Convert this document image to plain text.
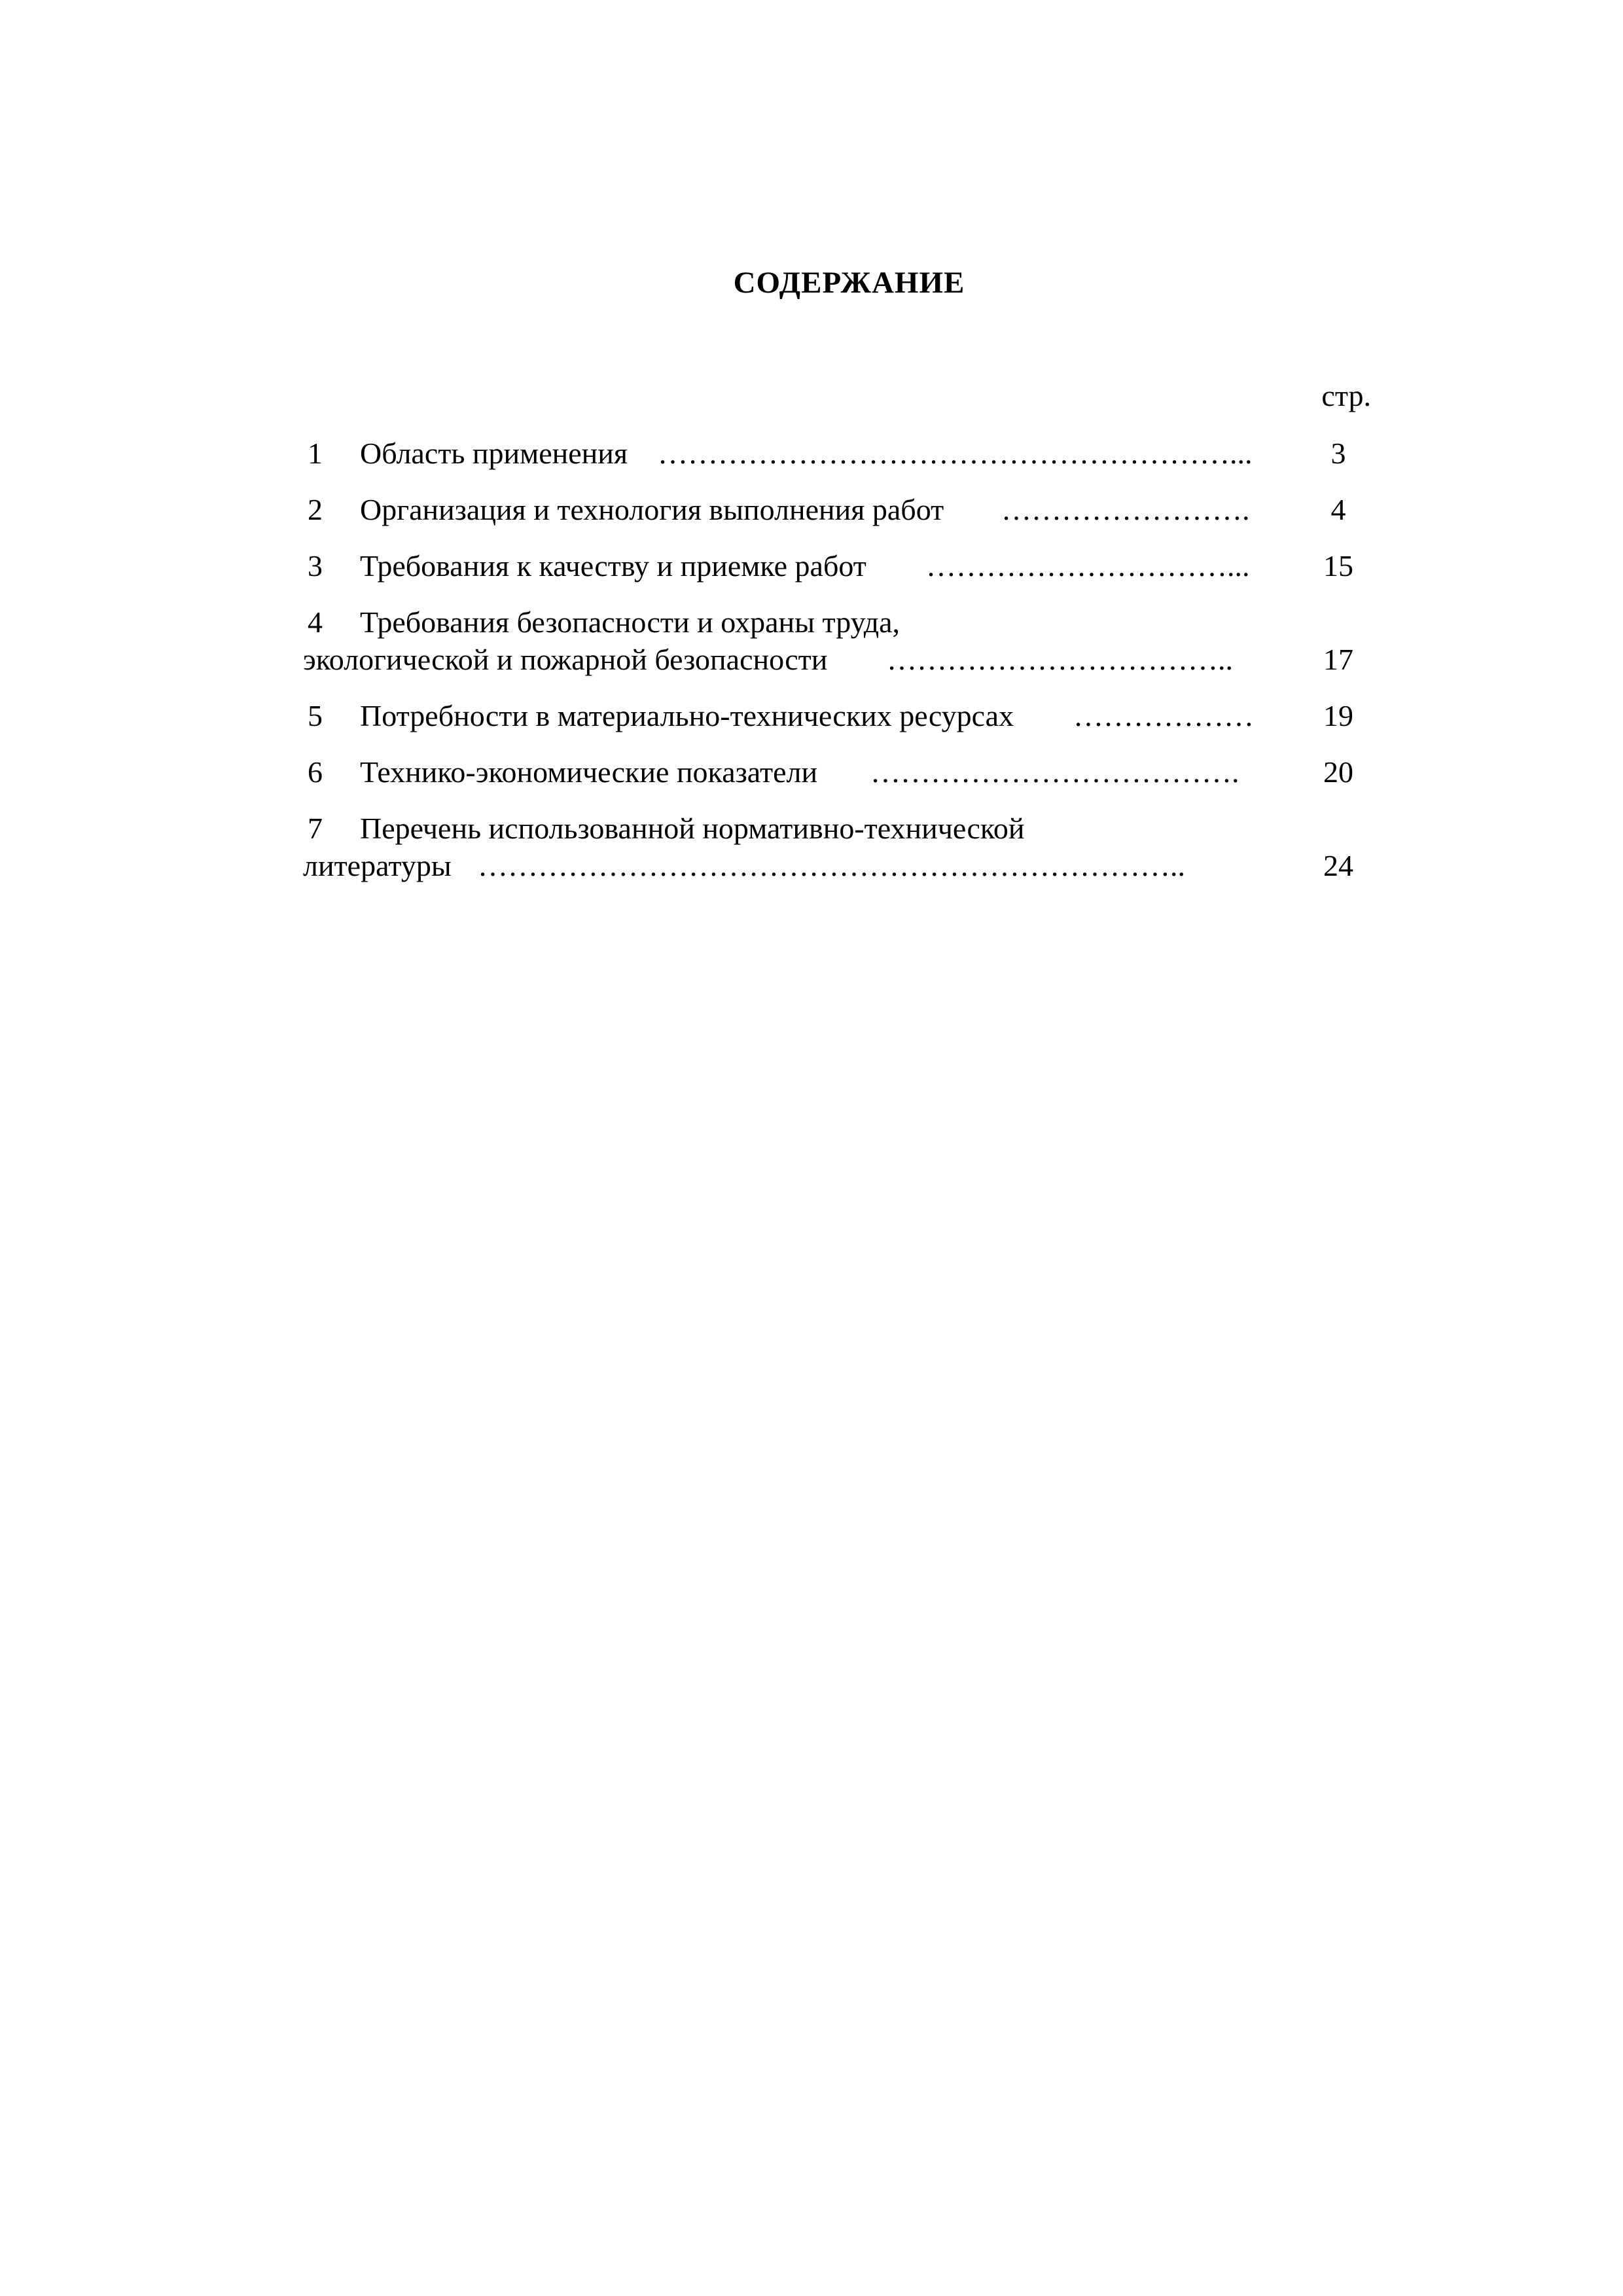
СОДЕРЖАНИЕ
стр.
1 Область применения …………………………………………………...	3
2 Организация и технология выполнения работ …………………….	4
3 Требования к качеству и приемке работ …………………………...	15
4 Требования безопасности и охраны труда,
экологической и пожарной безопасности ……………………………..	17
5 Потребности в материально-технических ресурсах ………………	19
6 Технико-экономические показатели ……………………………….	20
7 Перечень использованной нормативно-технической
литературы ……………………………………………………………..	24
